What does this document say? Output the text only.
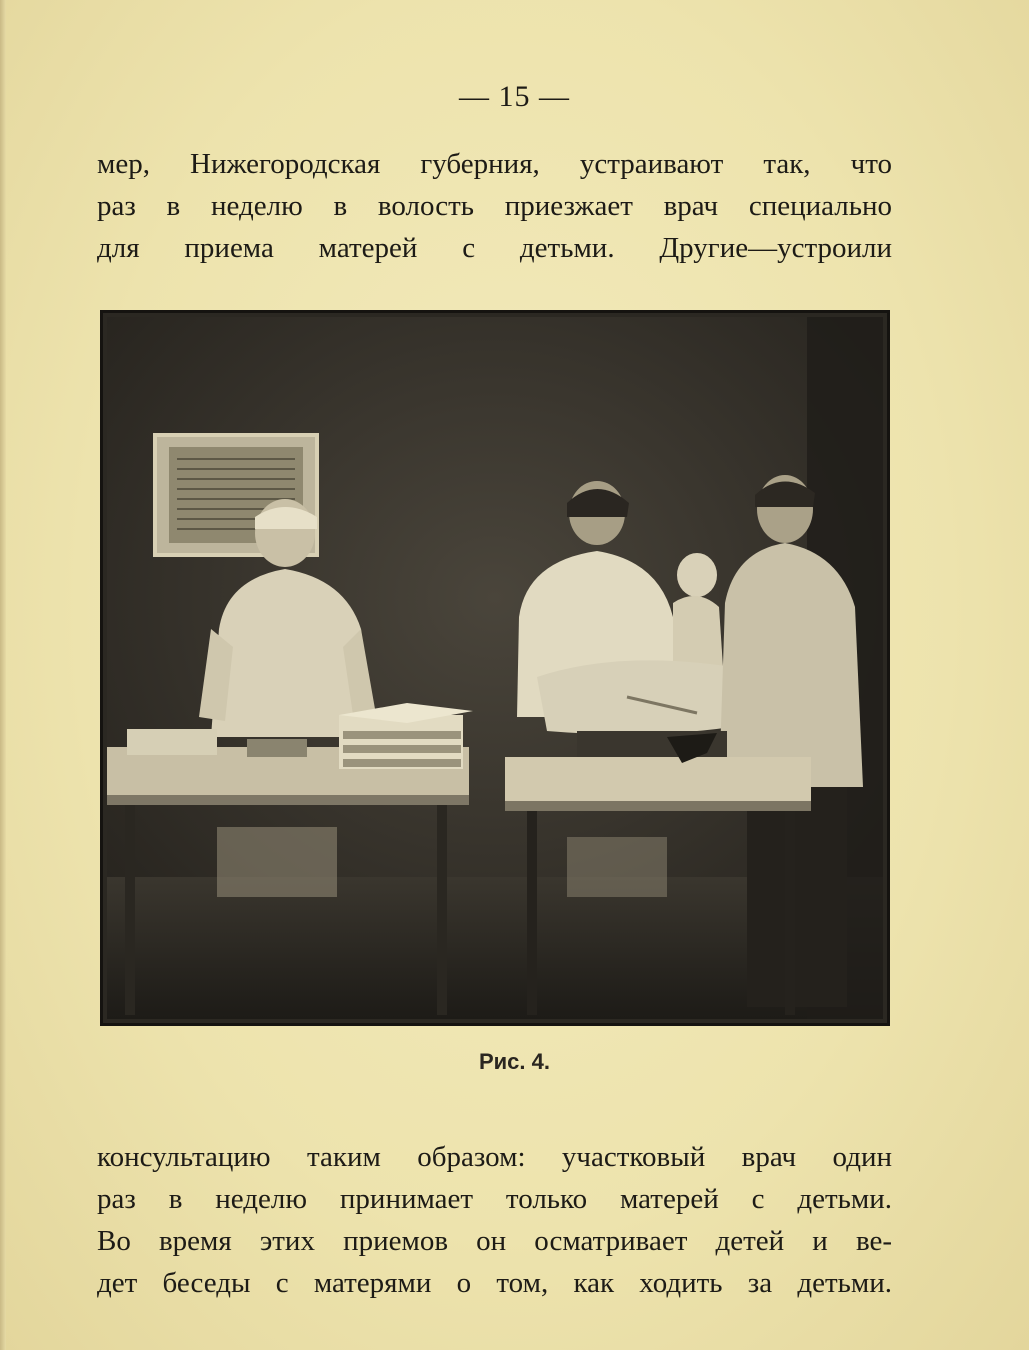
— 15 —
мер, Нижегородская губерния, устраивают так, что
раз в неделю в волость приезжает врач специально
для приема матерей с детьми. Другие—устроили
Рис. 4.
консультацию таким образом: участковый врач один
раз в неделю принимает только матерей с детьми.
Во время этих приемов он осматривает детей и ве-
дет беседы с матерями о том, как ходить за детьми.
